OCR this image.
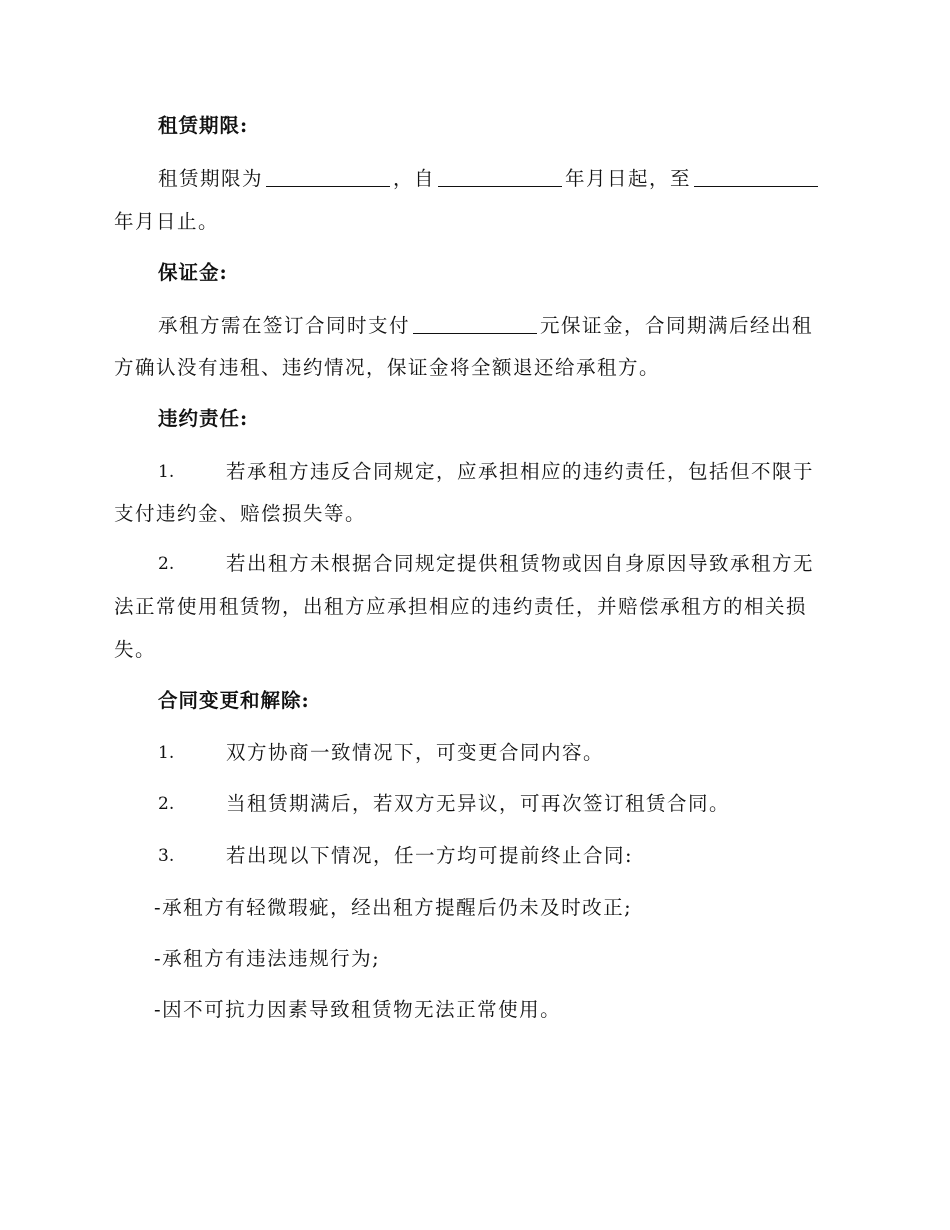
租赁期限:
租赁期限为	，自	年月日起，至
年月日止。
保证金:
承租方需在签订合同时支付	元保证金，合同期满后经出租
方确认没有违租、违约情况，保证金将全额退还给承租方。
违约责任:
1.	若承租方违反合同规定，应承担相应的违约责任，包括但不限于
支付违约金、赔偿损失等。
2.	若出租方未根据合同规定提供租赁物或因自身原因导致承租方无
法正常使用租赁物，出租方应承担相应的违约责任，并赔偿承租方的相关损
失。
合同变更和解除:
1.	双方协商一致情况下，可变更合同内容。
2.	当租赁期满后，若双方无异议，可再次签订租赁合同。
3.	若出现以下情况，任一方均可提前终止合同:
-承租方有轻微瑕疵，经出租方提醒后仍未及时改正;
-承租方有违法违规行为;
-因不可抗力因素导致租赁物无法正常使用。
